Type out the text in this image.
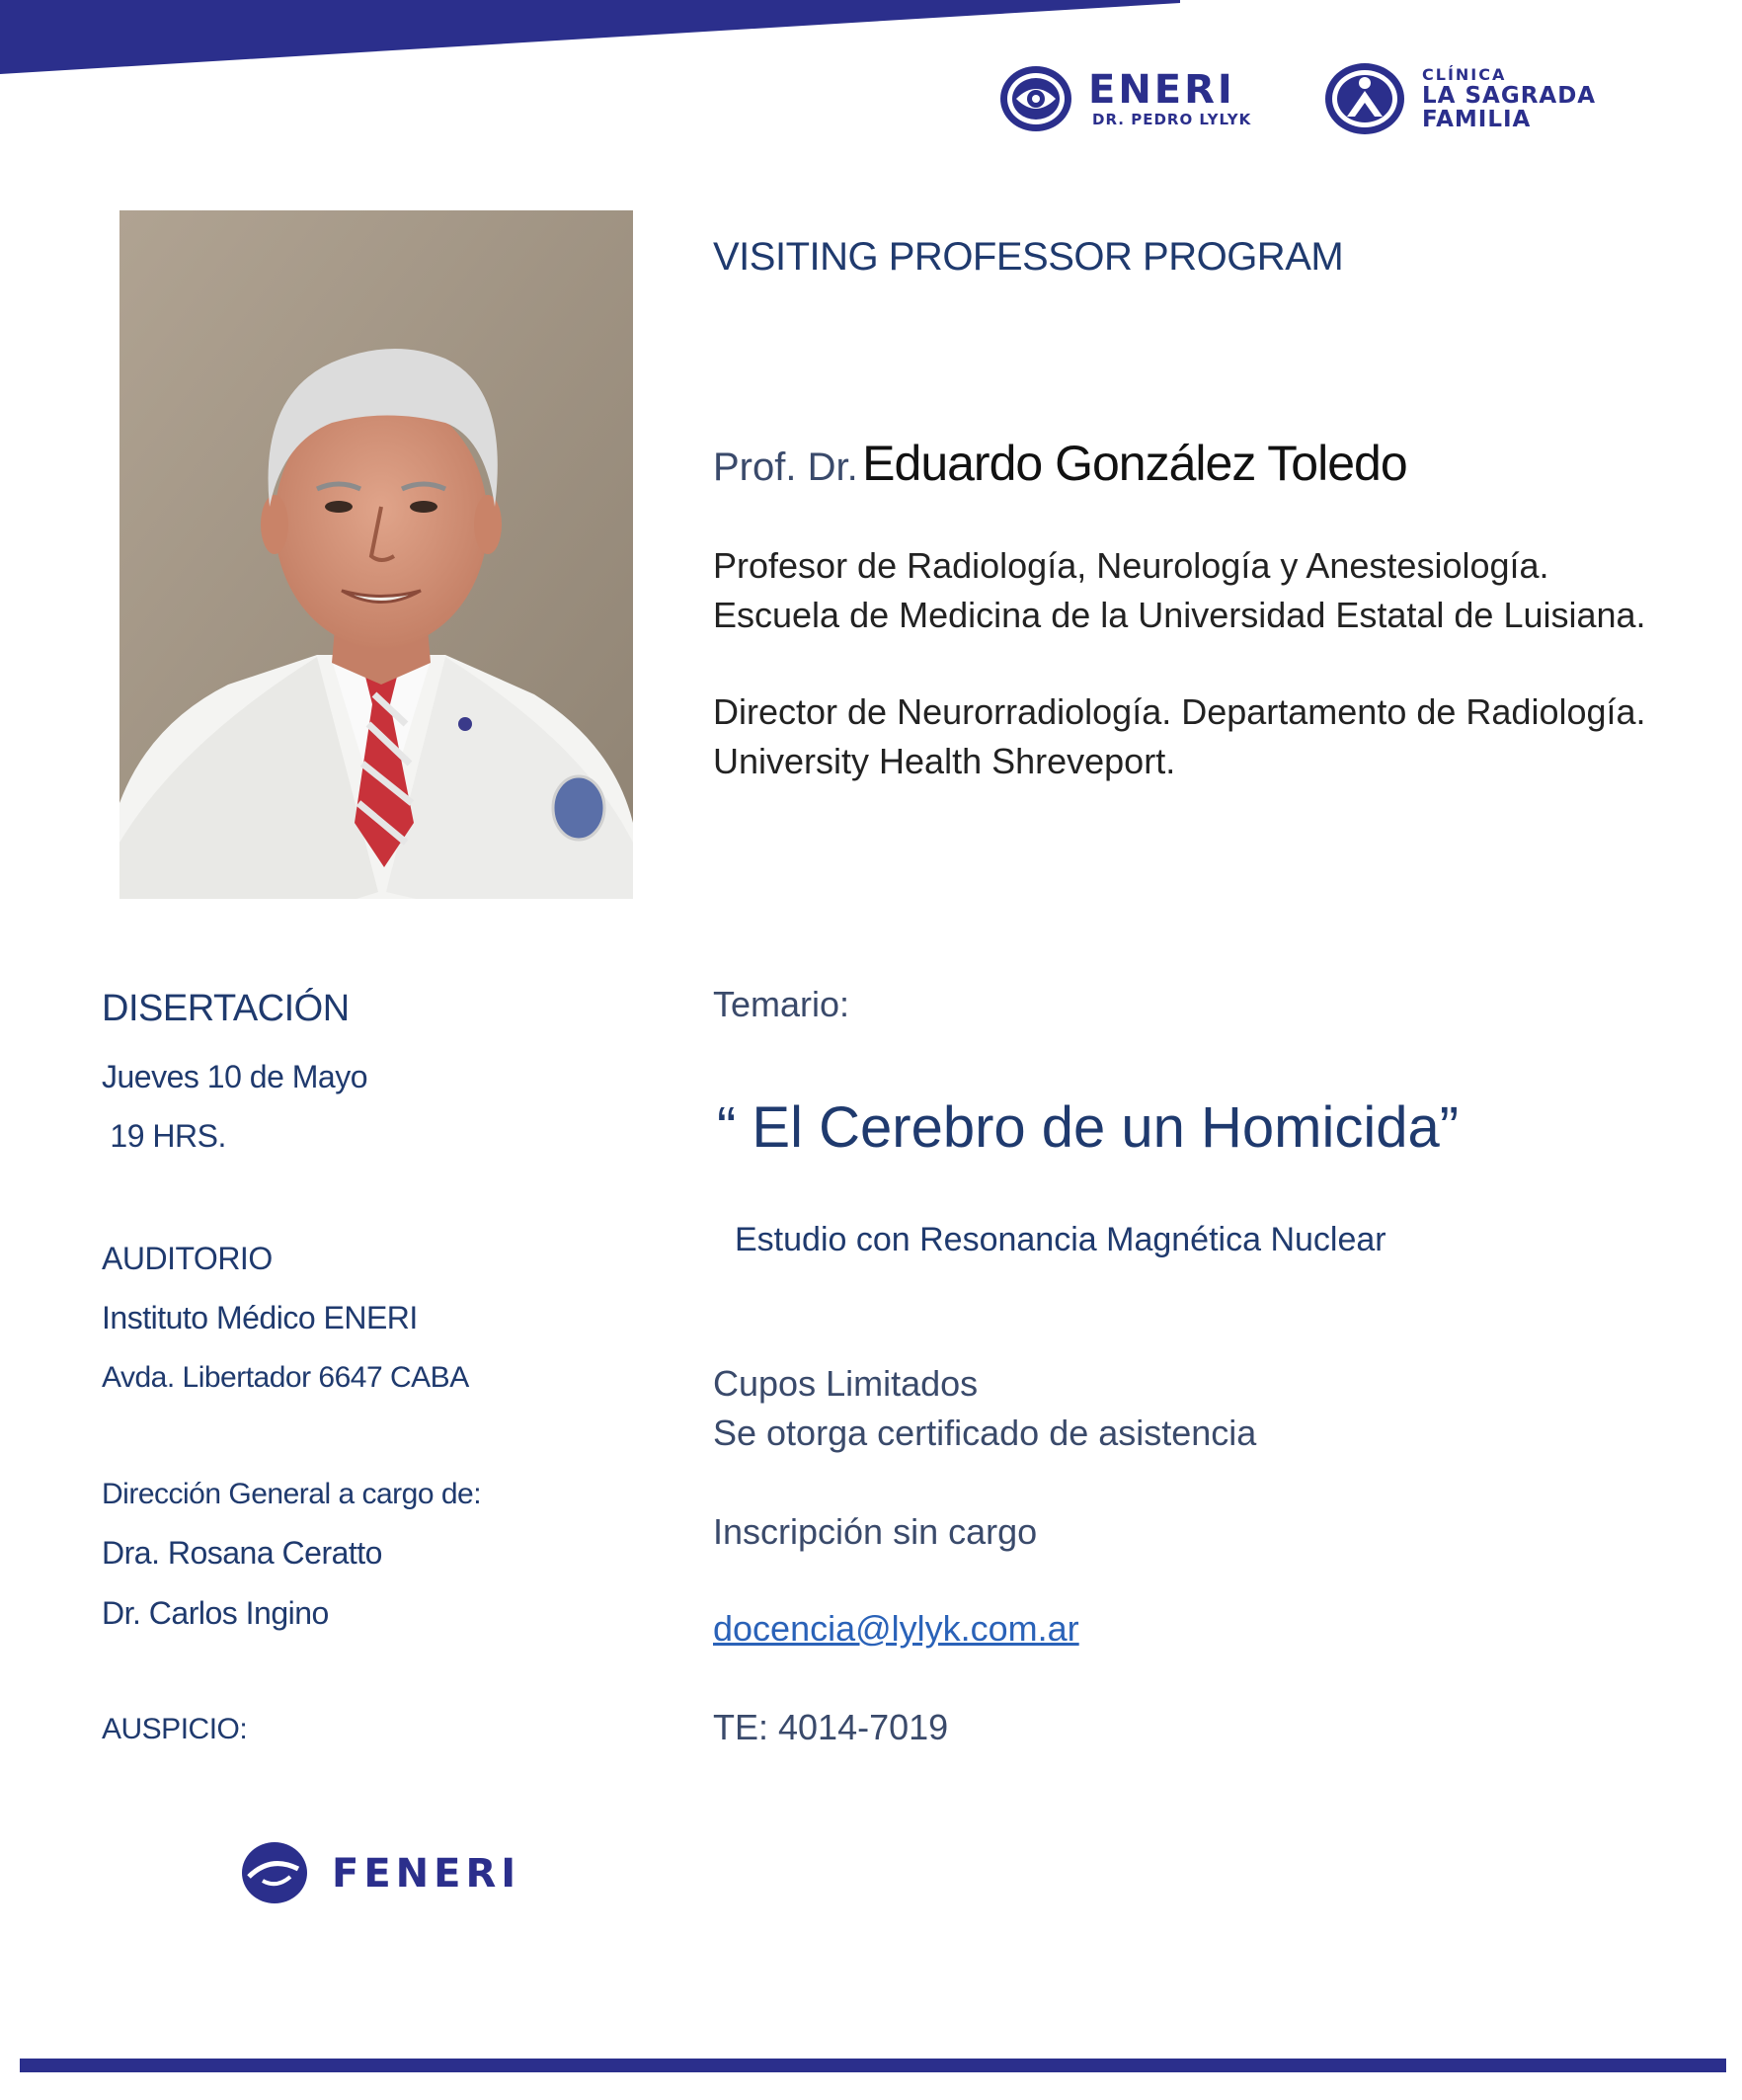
ENERI
DR. PEDRO LYLYK
CLÍNICA
LA SAGRADA
FAMILIA
VISITING PROFESSOR PROGRAM
Prof. Dr. Eduardo González Toledo

Profesor de Radiología, Neurología y Anestesiología. Escuela de Medicina de la Universidad Estatal de Luisiana.

Director de Neurorradiología. Departamento de Radiología. University Health Shreveport.

Temario:
“ El Cerebro de un Homicida”
Estudio con Resonancia Magnética Nuclear
Cupos Limitados
Se otorga certificado de asistencia
Inscripción sin cargo
docencia@lylyk.com.ar
TE: 4014-7019
DISERTACIÓN
Jueves 10 de Mayo
19 HRS.
AUDITORIO
Instituto Médico ENERI
Avda. Libertador 6647 CABA
Dirección General a cargo de:
Dra. Rosana Ceratto
Dr. Carlos Ingino
AUSPICIO:
FENERI
